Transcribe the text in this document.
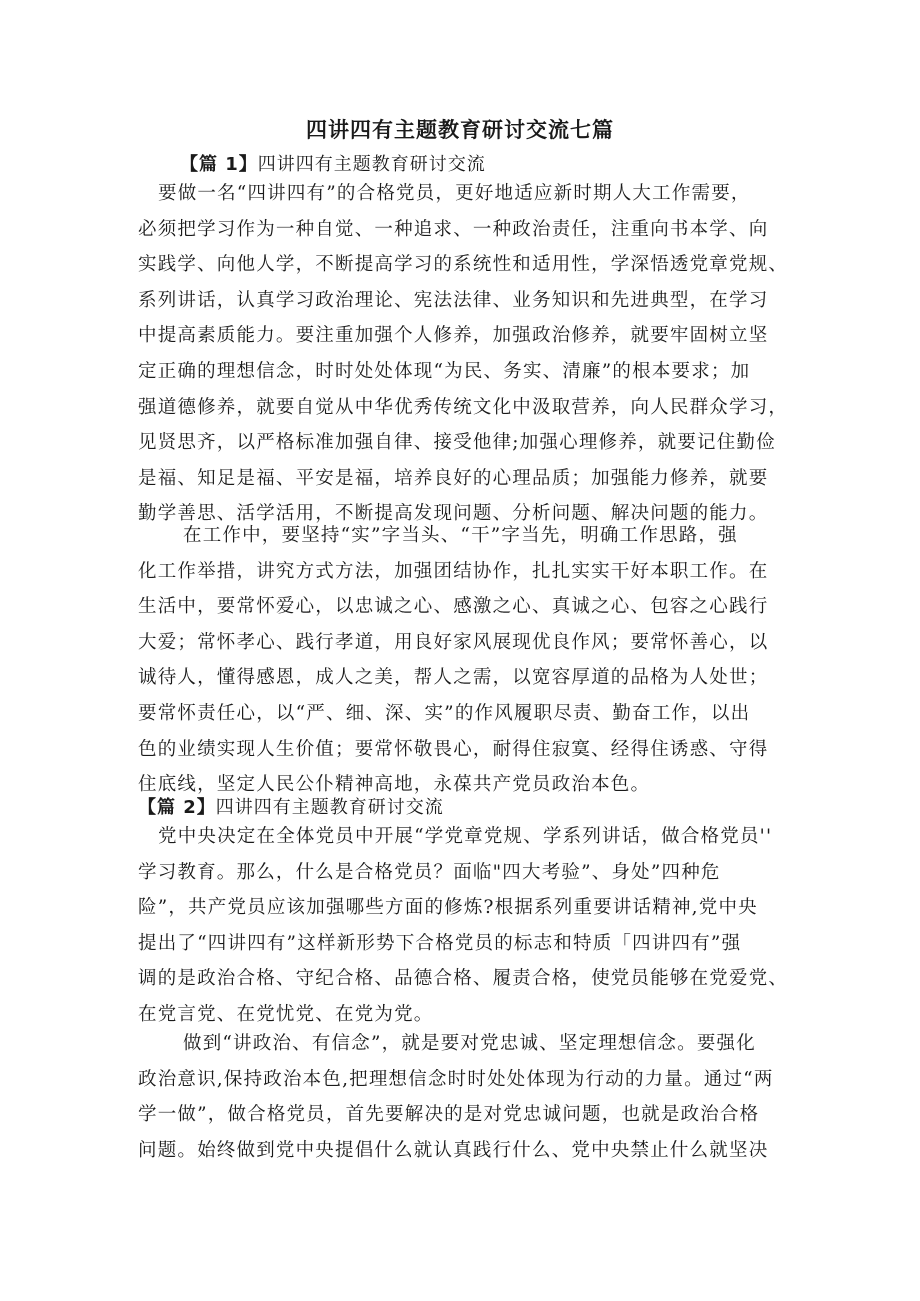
四讲四有主题教育研讨交流七篇
【篇 1】四讲四有主题教育研讨交流
要做一名“四讲四有”的合格党员，更好地适应新时期人大工作需要，
必须把学习作为一种自觉、一种追求、一种政治责任，注重向书本学、向
实践学、向他人学，不断提高学习的系统性和适用性，学深悟透党章党规、
系列讲话，认真学习政治理论、宪法法律、业务知识和先进典型，在学习
中提高素质能力。要注重加强个人修养，加强政治修养，就要牢固树立坚
定正确的理想信念，时时处处体现“为民、务实、清廉”的根本要求；加
强道德修养，就要自觉从中华优秀传统文化中汲取营养，向人民群众学习，
见贤思齐，以严格标准加强自律、接受他律;加强心理修养，就要记住勤俭
是福、知足是福、平安是福，培养良好的心理品质；加强能力修养，就要
勤学善思、活学活用，不断提高发现问题、分析问题、解决问题的能力。
在工作中，要坚持“实”字当头、“干”字当先，明确工作思路，强
化工作举措，讲究方式方法，加强团结协作，扎扎实实干好本职工作。在
生活中，要常怀爱心，以忠诚之心、感激之心、真诚之心、包容之心践行
大爱；常怀孝心、践行孝道，用良好家风展现优良作风；要常怀善心，以
诚待人，懂得感恩，成人之美，帮人之需，以宽容厚道的品格为人处世；
要常怀责任心，以“严、细、深、实”的作风履职尽责、勤奋工作，以出
色的业绩实现人生价值；要常怀敬畏心，耐得住寂寞、经得住诱惑、守得
住底线，坚定人民公仆精神高地，永葆共产党员政治本色。
【篇 2】四讲四有主题教育研讨交流
党中央决定在全体党员中开展“学党章党规、学系列讲话，做合格党员''
学习教育。那么，什么是合格党员？面临"四大考验”、身处”四种危
险”，共产党员应该加强哪些方面的修炼?根据系列重要讲话精神,党中央
提出了“四讲四有”这样新形势下合格党员的标志和特质「四讲四有”强
调的是政治合格、守纪合格、品德合格、履责合格，使党员能够在党爱党、
在党言党、在党忧党、在党为党。
做到“讲政治、有信念”，就是要对党忠诚、坚定理想信念。要强化
政治意识,保持政治本色,把理想信念时时处处体现为行动的力量。通过“两
学一做”，做合格党员，首先要解决的是对党忠诚问题，也就是政治合格
问题。始终做到党中央提倡什么就认真践行什么、党中央禁止什么就坚决
